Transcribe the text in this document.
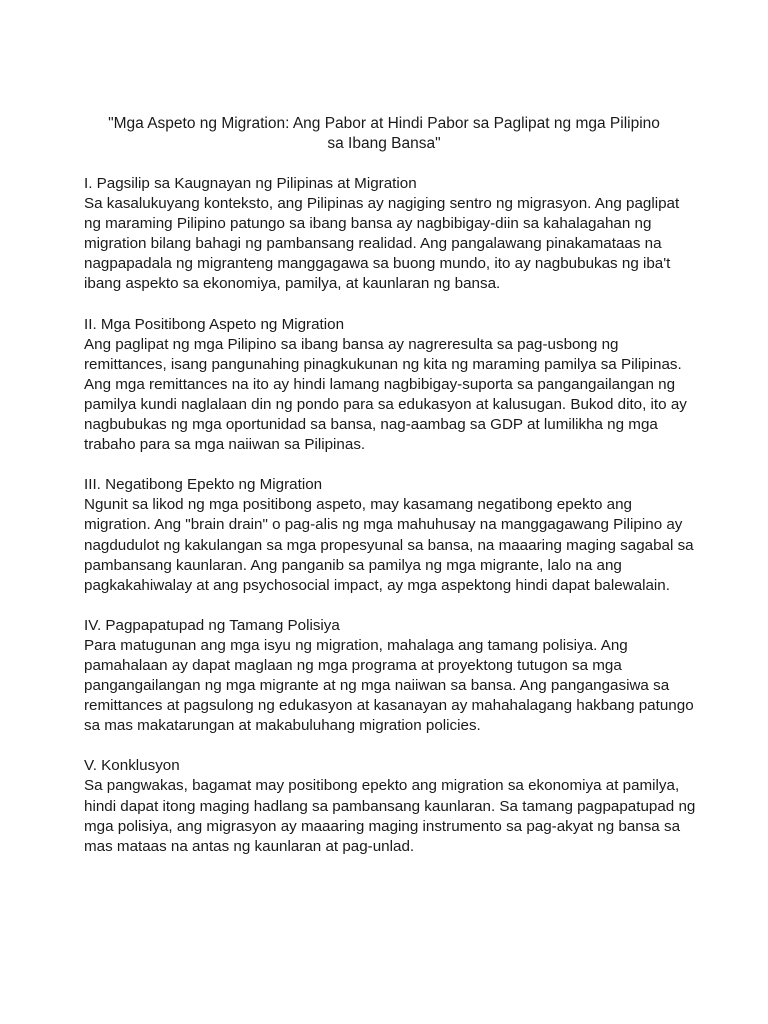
"Mga Aspeto ng Migration: Ang Pabor at Hindi Pabor sa Paglipat ng mga Pilipino
sa Ibang Bansa"

I. Pagsilip sa Kaugnayan ng Pilipinas at Migration

Sa kasalukuyang konteksto, ang Pilipinas ay nagiging sentro ng migrasyon. Ang paglipat ng maraming Pilipino patungo sa ibang bansa ay nagbibigay-diin sa kahalagahan ng migration bilang bahagi ng pambansang realidad. Ang pangalawang pinakamataas na nagpapadala ng migranteng manggagawa sa buong mundo, ito ay nagbubukas ng iba't ibang aspekto sa ekonomiya, pamilya, at kaunlaran ng bansa.

II. Mga Positibong Aspeto ng Migration

Ang paglipat ng mga Pilipino sa ibang bansa ay nagreresulta sa pag-usbong ng remittances, isang pangunahing pinagkukunan ng kita ng maraming pamilya sa Pilipinas. Ang mga remittances na ito ay hindi lamang nagbibigay-suporta sa pangangailangan ng pamilya kundi naglalaan din ng pondo para sa edukasyon at kalusugan. Bukod dito, ito ay nagbubukas ng mga oportunidad sa bansa, nag-aambag sa GDP at lumilikha ng mga trabaho para sa mga naiiwan sa Pilipinas.

III. Negatibong Epekto ng Migration

Ngunit sa likod ng mga positibong aspeto, may kasamang negatibong epekto ang migration. Ang "brain drain" o pag-alis ng mga mahuhusay na manggagawang Pilipino ay nagdudulot ng kakulangan sa mga propesyunal sa bansa, na maaaring maging sagabal sa pambansang kaunlaran. Ang panganib sa pamilya ng mga migrante, lalo na ang pagkakahiwalay at ang psychosocial impact, ay mga aspektong hindi dapat balewalain.

IV. Pagpapatupad ng Tamang Polisiya

Para matugunan ang mga isyu ng migration, mahalaga ang tamang polisiya. Ang pamahalaan ay dapat maglaan ng mga programa at proyektong tutugon sa mga pangangailangan ng mga migrante at ng mga naiiwan sa bansa. Ang pangangasiwa sa remittances at pagsulong ng edukasyon at kasanayan ay mahahalagang hakbang patungo sa mas makatarungan at makabuluhang migration policies.

V. Konklusyon

Sa pangwakas, bagamat may positibong epekto ang migration sa ekonomiya at pamilya, hindi dapat itong maging hadlang sa pambansang kaunlaran. Sa tamang pagpapatupad ng mga polisiya, ang migrasyon ay maaaring maging instrumento sa pag-akyat ng bansa sa mas mataas na antas ng kaunlaran at pag-unlad.
